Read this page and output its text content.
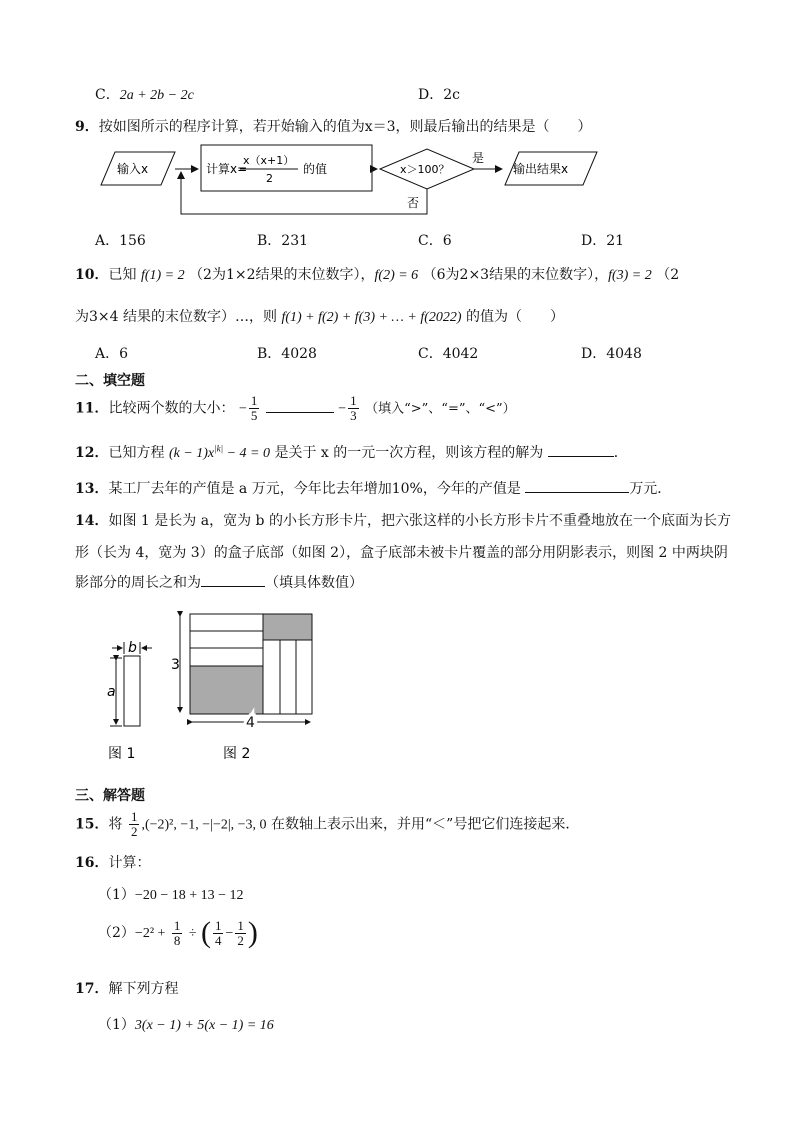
C．2a + 2b − 2c	D．2c
9．按如图所示的程序计算，若开始输入的值为x＝3，则最后输出的结果是（　　）
输入x	计算x=
x（x+1）
2
的值	x＞100？
是
输出结果x
否
A．156	B．231	C．6	D．21
10．已知 f(1) = 2 （2为1×2结果的末位数字），f(2) = 6 （6为2×3结果的末位数字），f(3) = 2 （2
为3×4 结果的末位数字）…，则 f(1) + f(2) + f(3) + … + f(2022) 的值为（　　）
A．6	B．4028	C．4042	D．4048
二、填空题
11．比较两个数的大小： − $\frac{1}{5}$	− $\frac{1}{3}$ （填入“>”、“=”、“<”）
12．已知方程 $(k - 1)x^{|k|} - 4 = 0$ 是关于 x 的一元一次方程，则该方程的解为	．
13．某工厂去年的产值是 a 万元，今年比去年增加10%，今年的产值是	万元．
14．如图 1 是长为 a，宽为 b 的小长方形卡片，把六张这样的小长方形卡片不重叠地放在一个底面为长方
形（长为 4，宽为 3）的盒子底部（如图 2），盒子底部未被卡片覆盖的部分用阴影表示，则图 2 中两块阴
影部分的周长之和为	（填具体数值）
b
a
3
4
图 1	图 2
三、解答题
15．将 $\frac{1}{2} ,(-2)^2$, −1, −|−2|, −3, 0 在数轴上表示出来，并用“＜”号把它们连接起来．
16．计算：
（1）−20 − 18 + 13 − 12
$(2)-2^2 + \frac{1}{8}$ ÷ ( $\frac{1}{4} - \frac{1}{2}$ )
17．解下列方程
（1）3(x − 1) + 5(x − 1) = 16
